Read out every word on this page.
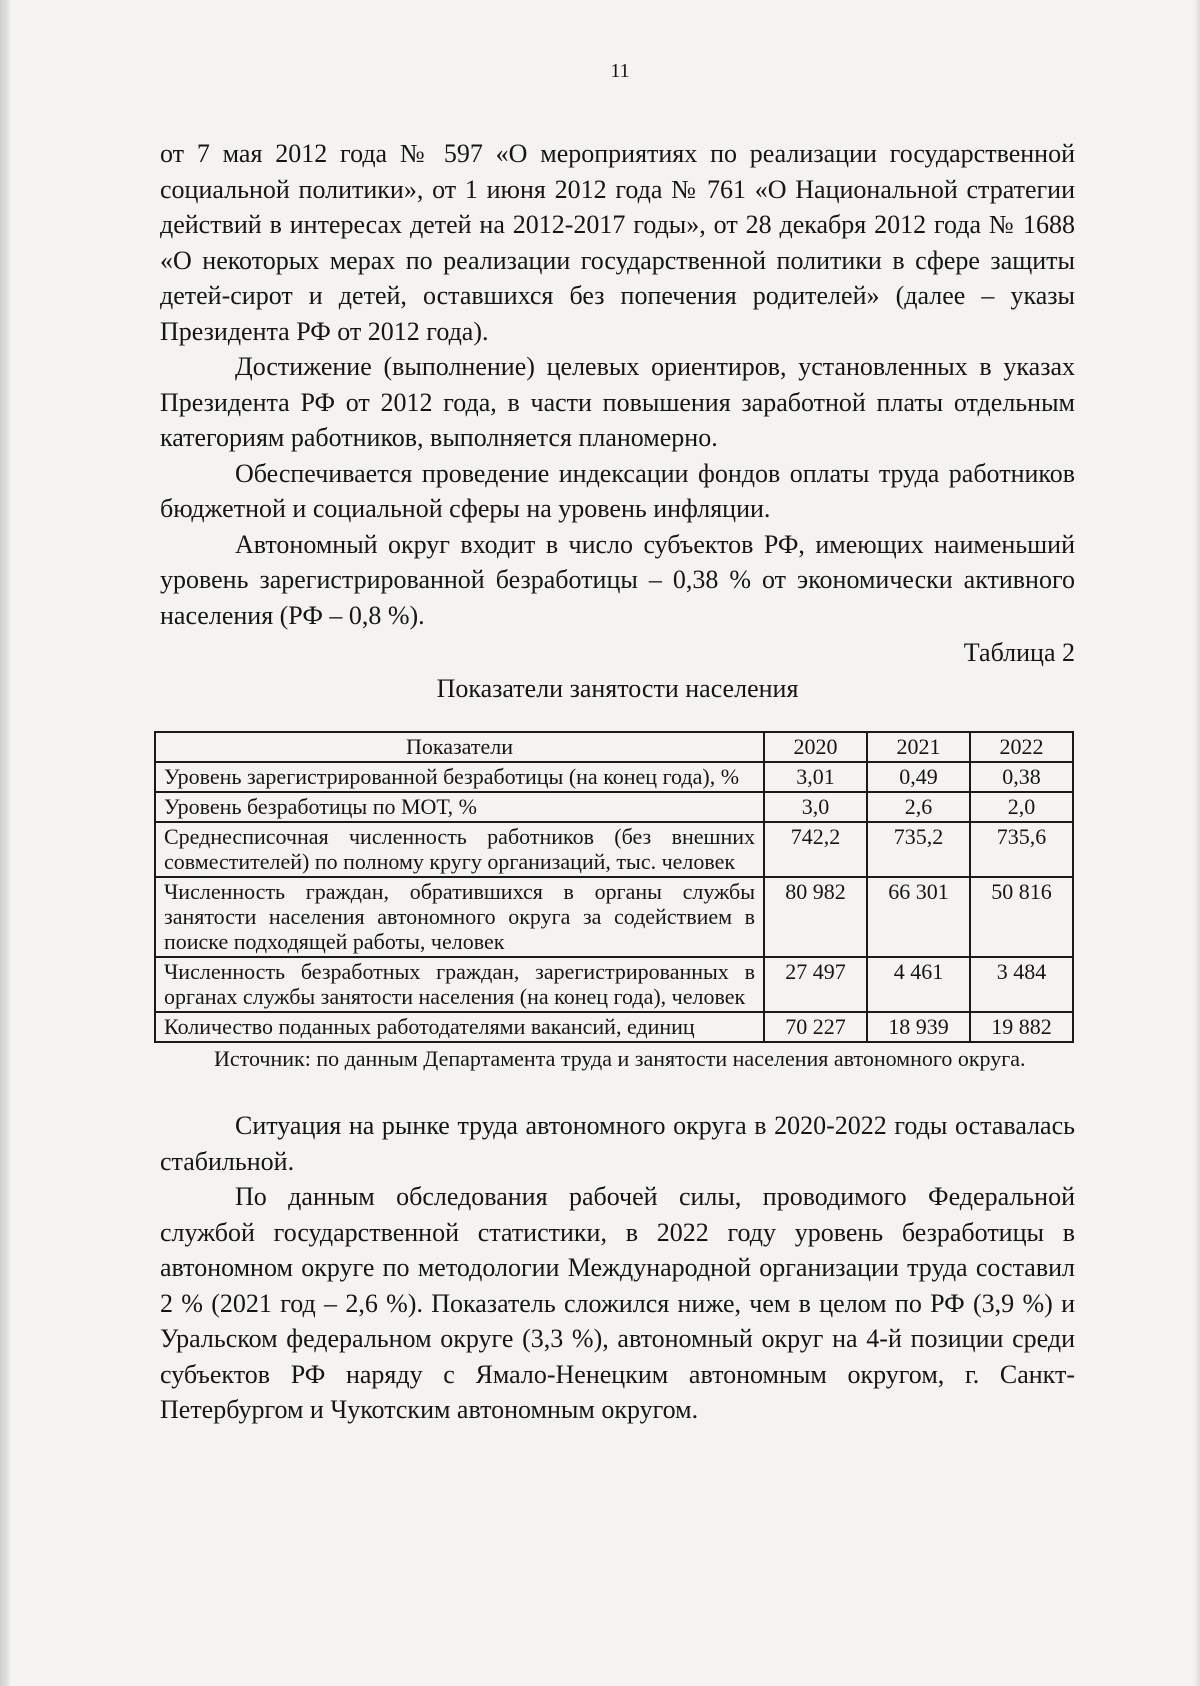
11

от 7 мая 2012 года № 597 «О мероприятиях по реализации государственной социальной политики», от 1 июня 2012 года № 761 «О Национальной стратегии действий в интересах детей на 2012-2017 годы», от 28 декабря 2012 года № 1688 «О некоторых мерах по реализации государственной политики в сфере защиты детей-сирот и детей, оставшихся без попечения родителей» (далее – указы Президента РФ от 2012 года).

Достижение (выполнение) целевых ориентиров, установленных в указах Президента РФ от 2012 года, в части повышения заработной платы отдельным категориям работников, выполняется планомерно.

Обеспечивается проведение индексации фондов оплаты труда работников бюджетной и социальной сферы на уровень инфляции.

Автономный округ входит в число субъектов РФ, имеющих наименьший уровень зарегистрированной безработицы – 0,38 % от экономически активного населения (РФ – 0,8 %).

Таблица 2
Показатели занятости населения
Показатели	2020	2021	2022
Уровень зарегистрированной безработицы (на конец года), %	3,01	0,49	0,38
Уровень безработицы по МОТ, %	3,0	2,6	2,0
Среднесписочная численность работников (без внешних совместителей) по полному кругу организаций, тыс. человек	742,2	735,2	735,6
Численность граждан, обратившихся в органы службы занятости населения автономного округа за содействием в поиске подходящей работы, человек	80 982	66 301	50 816
Численность безработных граждан, зарегистрированных в органах службы занятости населения (на конец года), человек	27 497	4 461	3 484
Количество поданных работодателями вакансий, единиц	70 227	18 939	19 882
Источник: по данным Департамента труда и занятости населения автономного округа.

Ситуация на рынке труда автономного округа в 2020-2022 годы оставалась стабильной.

По данным обследования рабочей силы, проводимого Федеральной службой государственной статистики, в 2022 году уровень безработицы в автономном округе по методологии Международной организации труда составил 2 % (2021 год – 2,6 %). Показатель сложился ниже, чем в целом по РФ (3,9 %) и Уральском федеральном округе (3,3 %), автономный округ на 4-й позиции среди субъектов РФ наряду с Ямало-Ненецким автономным округом, г. Санкт-Петербургом и Чукотским автономным округом.
